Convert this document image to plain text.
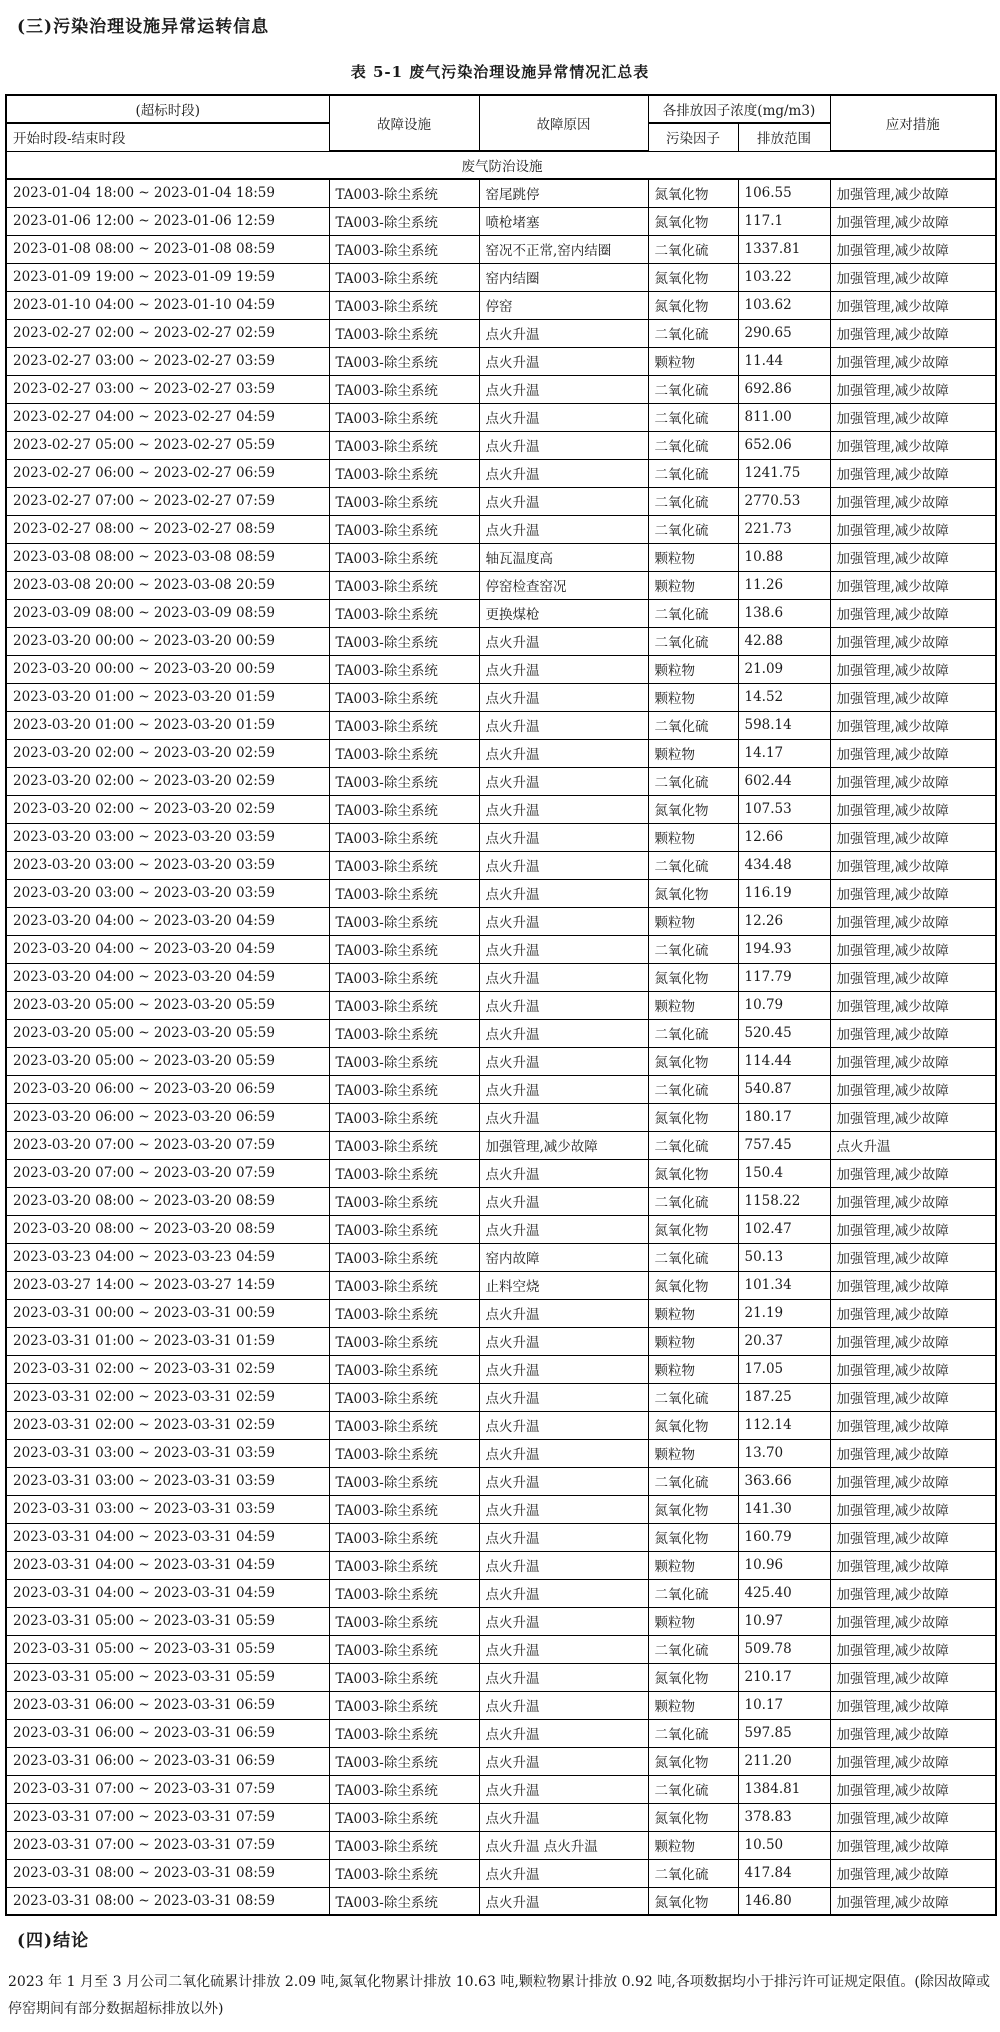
(三)污染治理设施异常运转信息
表 5-1 废气污染治理设施异常情况汇总表
(超标时段)	故障设施	故障原因	各排放因子浓度(mg/m3)		应对措施
开始时段-结束时段			污染因子	排放范围	
废气防治设施					
2023-01-04 18:00 ~ 2023-01-04 18:59	TA003-除尘系统	窑尾跳停	氮氧化物	106.55	加强管理,减少故障
2023-01-06 12:00 ~ 2023-01-06 12:59	TA003-除尘系统	喷枪堵塞	氮氧化物	117.1	加强管理,减少故障
2023-01-08 08:00 ~ 2023-01-08 08:59	TA003-除尘系统	窑况不正常,窑内结圈	二氧化硫	1337.81	加强管理,减少故障
2023-01-09 19:00 ~ 2023-01-09 19:59	TA003-除尘系统	窑内结圈	氮氧化物	103.22	加强管理,减少故障
2023-01-10 04:00 ~ 2023-01-10 04:59	TA003-除尘系统	停窑	氮氧化物	103.62	加强管理,减少故障
2023-02-27 02:00 ~ 2023-02-27 02:59	TA003-除尘系统	点火升温	二氧化硫	290.65	加强管理,减少故障
2023-02-27 03:00 ~ 2023-02-27 03:59	TA003-除尘系统	点火升温	颗粒物	11.44	加强管理,减少故障
2023-02-27 03:00 ~ 2023-02-27 03:59	TA003-除尘系统	点火升温	二氧化硫	692.86	加强管理,减少故障
2023-02-27 04:00 ~ 2023-02-27 04:59	TA003-除尘系统	点火升温	二氧化硫	811.00	加强管理,减少故障
2023-02-27 05:00 ~ 2023-02-27 05:59	TA003-除尘系统	点火升温	二氧化硫	652.06	加强管理,减少故障
2023-02-27 06:00 ~ 2023-02-27 06:59	TA003-除尘系统	点火升温	二氧化硫	1241.75	加强管理,减少故障
2023-02-27 07:00 ~ 2023-02-27 07:59	TA003-除尘系统	点火升温	二氧化硫	2770.53	加强管理,减少故障
2023-02-27 08:00 ~ 2023-02-27 08:59	TA003-除尘系统	点火升温	二氧化硫	221.73	加强管理,减少故障
2023-03-08 08:00 ~ 2023-03-08 08:59	TA003-除尘系统	轴瓦温度高	颗粒物	10.88	加强管理,减少故障
2023-03-08 20:00 ~ 2023-03-08 20:59	TA003-除尘系统	停窑检查窑况	颗粒物	11.26	加强管理,减少故障
2023-03-09 08:00 ~ 2023-03-09 08:59	TA003-除尘系统	更换煤枪	二氧化硫	138.6	加强管理,减少故障
2023-03-20 00:00 ~ 2023-03-20 00:59	TA003-除尘系统	点火升温	二氧化硫	42.88	加强管理,减少故障
2023-03-20 00:00 ~ 2023-03-20 00:59	TA003-除尘系统	点火升温	颗粒物	21.09	加强管理,减少故障
2023-03-20 01:00 ~ 2023-03-20 01:59	TA003-除尘系统	点火升温	颗粒物	14.52	加强管理,减少故障
2023-03-20 01:00 ~ 2023-03-20 01:59	TA003-除尘系统	点火升温	二氧化硫	598.14	加强管理,减少故障
2023-03-20 02:00 ~ 2023-03-20 02:59	TA003-除尘系统	点火升温	颗粒物	14.17	加强管理,减少故障
2023-03-20 02:00 ~ 2023-03-20 02:59	TA003-除尘系统	点火升温	二氧化硫	602.44	加强管理,减少故障
2023-03-20 02:00 ~ 2023-03-20 02:59	TA003-除尘系统	点火升温	氮氧化物	107.53	加强管理,减少故障
2023-03-20 03:00 ~ 2023-03-20 03:59	TA003-除尘系统	点火升温	颗粒物	12.66	加强管理,减少故障
2023-03-20 03:00 ~ 2023-03-20 03:59	TA003-除尘系统	点火升温	二氧化硫	434.48	加强管理,减少故障
2023-03-20 03:00 ~ 2023-03-20 03:59	TA003-除尘系统	点火升温	氮氧化物	116.19	加强管理,减少故障
2023-03-20 04:00 ~ 2023-03-20 04:59	TA003-除尘系统	点火升温	颗粒物	12.26	加强管理,减少故障
2023-03-20 04:00 ~ 2023-03-20 04:59	TA003-除尘系统	点火升温	二氧化硫	194.93	加强管理,减少故障
2023-03-20 04:00 ~ 2023-03-20 04:59	TA003-除尘系统	点火升温	氮氧化物	117.79	加强管理,减少故障
2023-03-20 05:00 ~ 2023-03-20 05:59	TA003-除尘系统	点火升温	颗粒物	10.79	加强管理,减少故障
2023-03-20 05:00 ~ 2023-03-20 05:59	TA003-除尘系统	点火升温	二氧化硫	520.45	加强管理,减少故障
2023-03-20 05:00 ~ 2023-03-20 05:59	TA003-除尘系统	点火升温	氮氧化物	114.44	加强管理,减少故障
2023-03-20 06:00 ~ 2023-03-20 06:59	TA003-除尘系统	点火升温	二氧化硫	540.87	加强管理,减少故障
2023-03-20 06:00 ~ 2023-03-20 06:59	TA003-除尘系统	点火升温	氮氧化物	180.17	加强管理,减少故障
2023-03-20 07:00 ~ 2023-03-20 07:59	TA003-除尘系统	加强管理,减少故障	二氧化硫	757.45	点火升温
2023-03-20 07:00 ~ 2023-03-20 07:59	TA003-除尘系统	点火升温	氮氧化物	150.4	加强管理,减少故障
2023-03-20 08:00 ~ 2023-03-20 08:59	TA003-除尘系统	点火升温	二氧化硫	1158.22	加强管理,减少故障
2023-03-20 08:00 ~ 2023-03-20 08:59	TA003-除尘系统	点火升温	氮氧化物	102.47	加强管理,减少故障
2023-03-23 04:00 ~ 2023-03-23 04:59	TA003-除尘系统	窑内故障	二氧化硫	50.13	加强管理,减少故障
2023-03-27 14:00 ~ 2023-03-27 14:59	TA003-除尘系统	止料空烧	氮氧化物	101.34	加强管理,减少故障
2023-03-31 00:00 ~ 2023-03-31 00:59	TA003-除尘系统	点火升温	颗粒物	21.19	加强管理,减少故障
2023-03-31 01:00 ~ 2023-03-31 01:59	TA003-除尘系统	点火升温	颗粒物	20.37	加强管理,减少故障
2023-03-31 02:00 ~ 2023-03-31 02:59	TA003-除尘系统	点火升温	颗粒物	17.05	加强管理,减少故障
2023-03-31 02:00 ~ 2023-03-31 02:59	TA003-除尘系统	点火升温	二氧化硫	187.25	加强管理,减少故障
2023-03-31 02:00 ~ 2023-03-31 02:59	TA003-除尘系统	点火升温	氮氧化物	112.14	加强管理,减少故障
2023-03-31 03:00 ~ 2023-03-31 03:59	TA003-除尘系统	点火升温	颗粒物	13.70	加强管理,减少故障
2023-03-31 03:00 ~ 2023-03-31 03:59	TA003-除尘系统	点火升温	二氧化硫	363.66	加强管理,减少故障
2023-03-31 03:00 ~ 2023-03-31 03:59	TA003-除尘系统	点火升温	氮氧化物	141.30	加强管理,减少故障
2023-03-31 04:00 ~ 2023-03-31 04:59	TA003-除尘系统	点火升温	氮氧化物	160.79	加强管理,减少故障
2023-03-31 04:00 ~ 2023-03-31 04:59	TA003-除尘系统	点火升温	颗粒物	10.96	加强管理,减少故障
2023-03-31 04:00 ~ 2023-03-31 04:59	TA003-除尘系统	点火升温	二氧化硫	425.40	加强管理,减少故障
2023-03-31 05:00 ~ 2023-03-31 05:59	TA003-除尘系统	点火升温	颗粒物	10.97	加强管理,减少故障
2023-03-31 05:00 ~ 2023-03-31 05:59	TA003-除尘系统	点火升温	二氧化硫	509.78	加强管理,减少故障
2023-03-31 05:00 ~ 2023-03-31 05:59	TA003-除尘系统	点火升温	氮氧化物	210.17	加强管理,减少故障
2023-03-31 06:00 ~ 2023-03-31 06:59	TA003-除尘系统	点火升温	颗粒物	10.17	加强管理,减少故障
2023-03-31 06:00 ~ 2023-03-31 06:59	TA003-除尘系统	点火升温	二氧化硫	597.85	加强管理,减少故障
2023-03-31 06:00 ~ 2023-03-31 06:59	TA003-除尘系统	点火升温	氮氧化物	211.20	加强管理,减少故障
2023-03-31 07:00 ~ 2023-03-31 07:59	TA003-除尘系统	点火升温	二氧化硫	1384.81	加强管理,减少故障
2023-03-31 07:00 ~ 2023-03-31 07:59	TA003-除尘系统	点火升温	氮氧化物	378.83	加强管理,减少故障
2023-03-31 07:00 ~ 2023-03-31 07:59	TA003-除尘系统	点火升温 点火升温	颗粒物	10.50	加强管理,减少故障
2023-03-31 08:00 ~ 2023-03-31 08:59	TA003-除尘系统	点火升温	二氧化硫	417.84	加强管理,减少故障
2023-03-31 08:00 ~ 2023-03-31 08:59	TA003-除尘系统	点火升温	氮氧化物	146.80	加强管理,减少故障
(四)结论

2023 年 1 月至 3 月公司二氧化硫累计排放 2.09 吨,氮氧化物累计排放 10.63 吨,颗粒物累计排放 0.92 吨,各项数据均小于排污许可证规定限值。(除因故障或停窑期间有部分数据超标排放以外)
